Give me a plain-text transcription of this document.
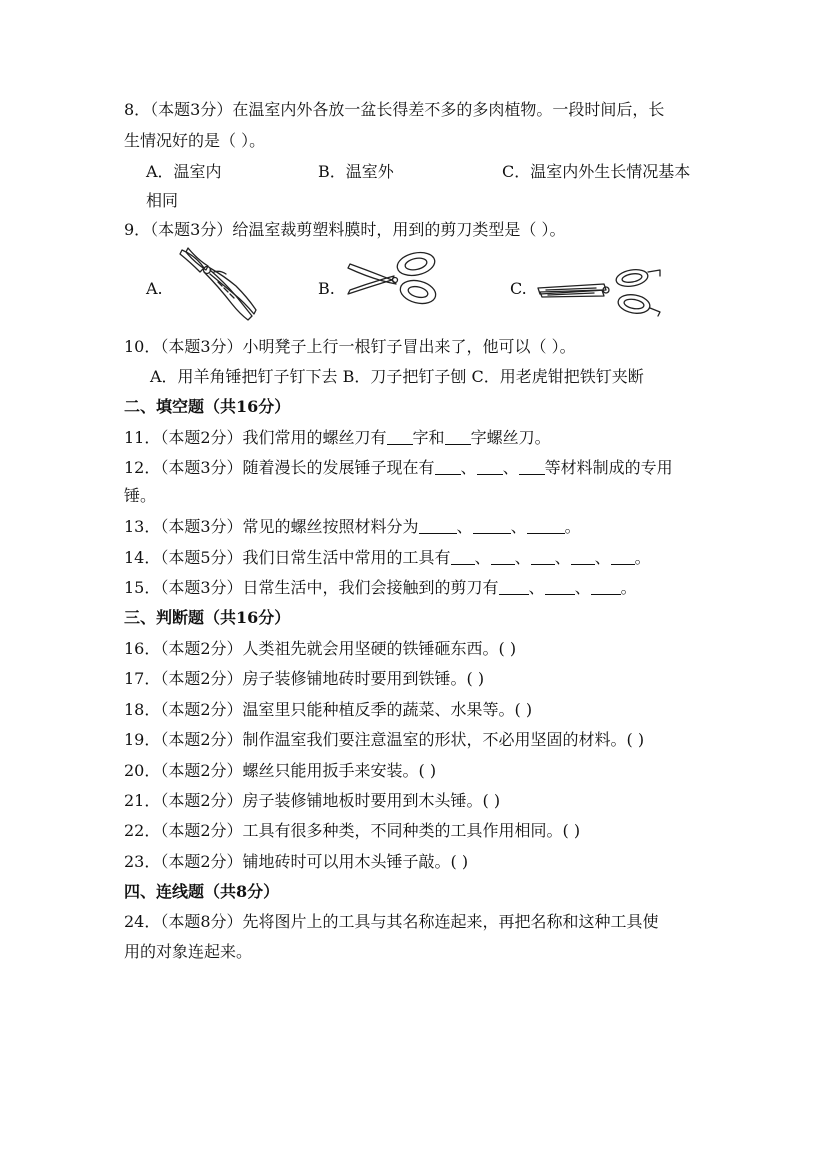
8．（本题3分）在温室内外各放一盆长得差不多的多肉植物。一段时间后，长
生情况好的是（ ）。
A．温室内	B．温室外	C．温室内外生长情况基本
相同
9．（本题3分）给温室裁剪塑料膜时，用到的剪刀类型是（ ）。
A.	B.	C.
10．（本题3分）小明凳子上行一根钉子冒出来了，他可以（ ）。
A．用羊角锤把钉子钉下去 B．刀子把钉子刨 C．用老虎钳把铁钉夹断
二、填空题（共16分）
11．（本题2分）我们常用的螺丝刀有 字和 字螺丝刀。
12．（本题3分）随着漫长的发展锤子现在有 、 、 等材料制成的专用
锤。
13．（本题3分）常见的螺丝按照材料分为 、 、 。
14．（本题5分）我们日常生活中常用的工具有 、 、 、 、 。
15．（本题3分）日常生活中，我们会接触到的剪刀有 、 、 。
三、判断题（共16分）
16．（本题2分）人类祖先就会用坚硬的铁锤砸东西。( )
17．（本题2分）房子装修铺地砖时要用到铁锤。( )
18．（本题2分）温室里只能种植反季的蔬菜、水果等。( )
19．（本题2分）制作温室我们要注意温室的形状，不必用坚固的材料。( )
20．（本题2分）螺丝只能用扳手来安装。( )
21．（本题2分）房子装修铺地板时要用到木头锤。( )
22．（本题2分）工具有很多种类，不同种类的工具作用相同。( )
23．（本题2分）铺地砖时可以用木头锤子敲。( )
四、连线题（共8分）
24．（本题8分）先将图片上的工具与其名称连起来，再把名称和这种工具使
用的对象连起来。
